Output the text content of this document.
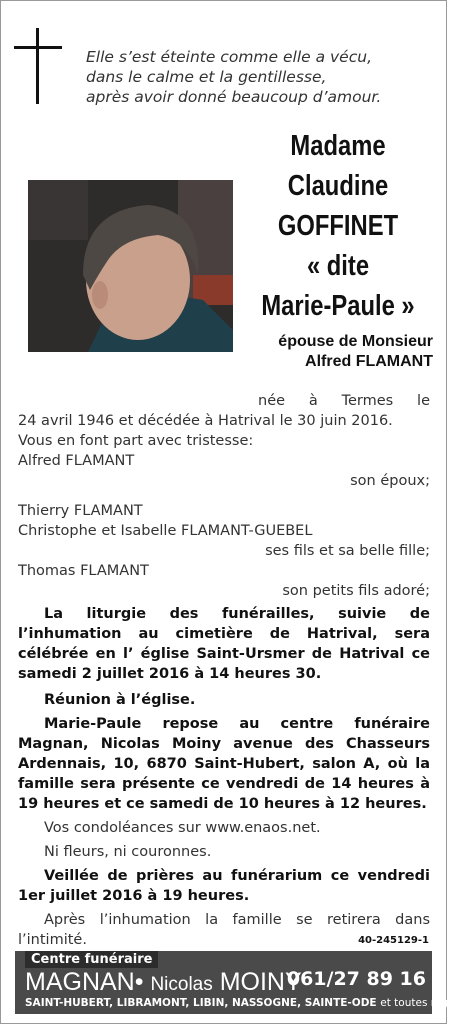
Elle s’est éteinte comme elle a vécu,
dans le calme et la gentillesse,
après avoir donné beaucoup d’amour.
Madame
Claudine
GOFFINET
« dite
Marie-Paule »
épouse de Monsieur
Alfred FLAMANT

née à Termes le

24 avril 1946 et décédée à Hatrival le 30 juin 2016.

Vous en font part avec tristesse:

Alfred FLAMANT

son époux;

Thierry FLAMANT

Christophe et Isabelle FLAMANT-GUEBEL

ses fils et sa belle fille;

Thomas FLAMANT

son petits fils adoré;

La liturgie des funérailles, suivie de l’inhumation au cimetière de Hatrival, sera célébrée en l’ église Saint-Ursmer de Hatrival ce samedi 2 juillet 2016 à 14 heures 30.

Réunion à l’église.

Marie-Paule repose au centre funéraire Magnan, Nicolas Moiny avenue des Chasseurs Ardennais, 10, 6870 Saint-Hubert, salon A, où la famille sera présente ce vendredi de 14 heures à 19 heures et ce samedi de 10 heures à 12 heures.

Vos condoléances sur www.enaos.net.

Ni fleurs, ni couronnes.

Veillée de prières au funérarium ce vendredi 1er juillet 2016 à 19 heures.

Après l’inhumation la famille se retirera dans l’intimité.	40-245129-1
Centre funéraire
MAGNAN• Nicolas MOINY
061/27 89 16
SAINT-HUBERT, LIBRAMONT, LIBIN, NASSOGNE, SAINTE-ODE et toutes régions
